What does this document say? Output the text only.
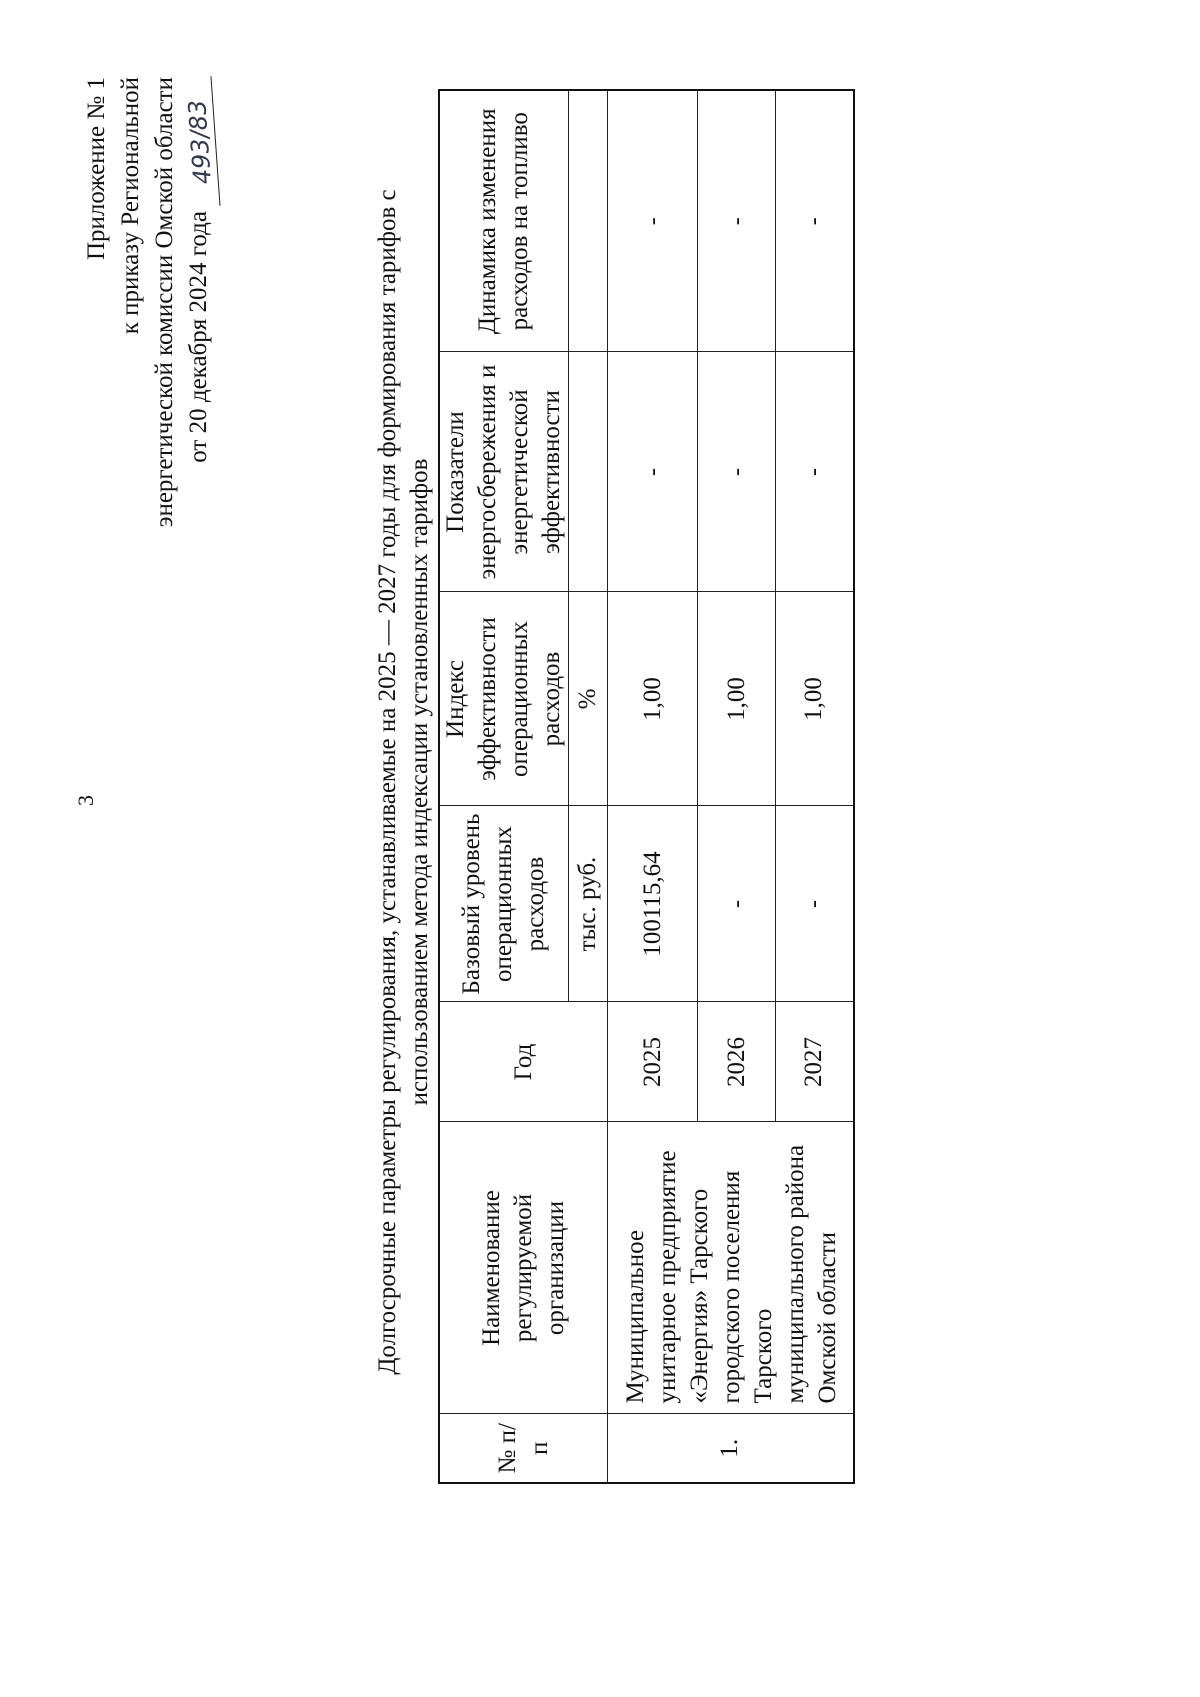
3
Приложение № 1 к приказу Региональной энергетической комиссии Омской области от 20 декабря 2024 года
493/83
Долгосрочные параметры регулирования, устанавливаемые на 2025 — 2027 годы для формирования тарифов с использованием метода индексации установленных тарифов
№ п/п	Наименование регулируемой организации	Год	Базовый уровень операционных расходов	Индекс эффективности операционных расходов	Показатели энергосбережения и энергетической эффективности	Динамика изменения расходов на топливо
			тыс. руб.	%		
1.	Муниципальное унитарное предприятие «Энергия» Тарского городского поселения Тарского муниципального района Омской области	2025	100115,64	1,00	-	-
		2026	-	1,00	-	-
		2027	-	1,00	-	-
